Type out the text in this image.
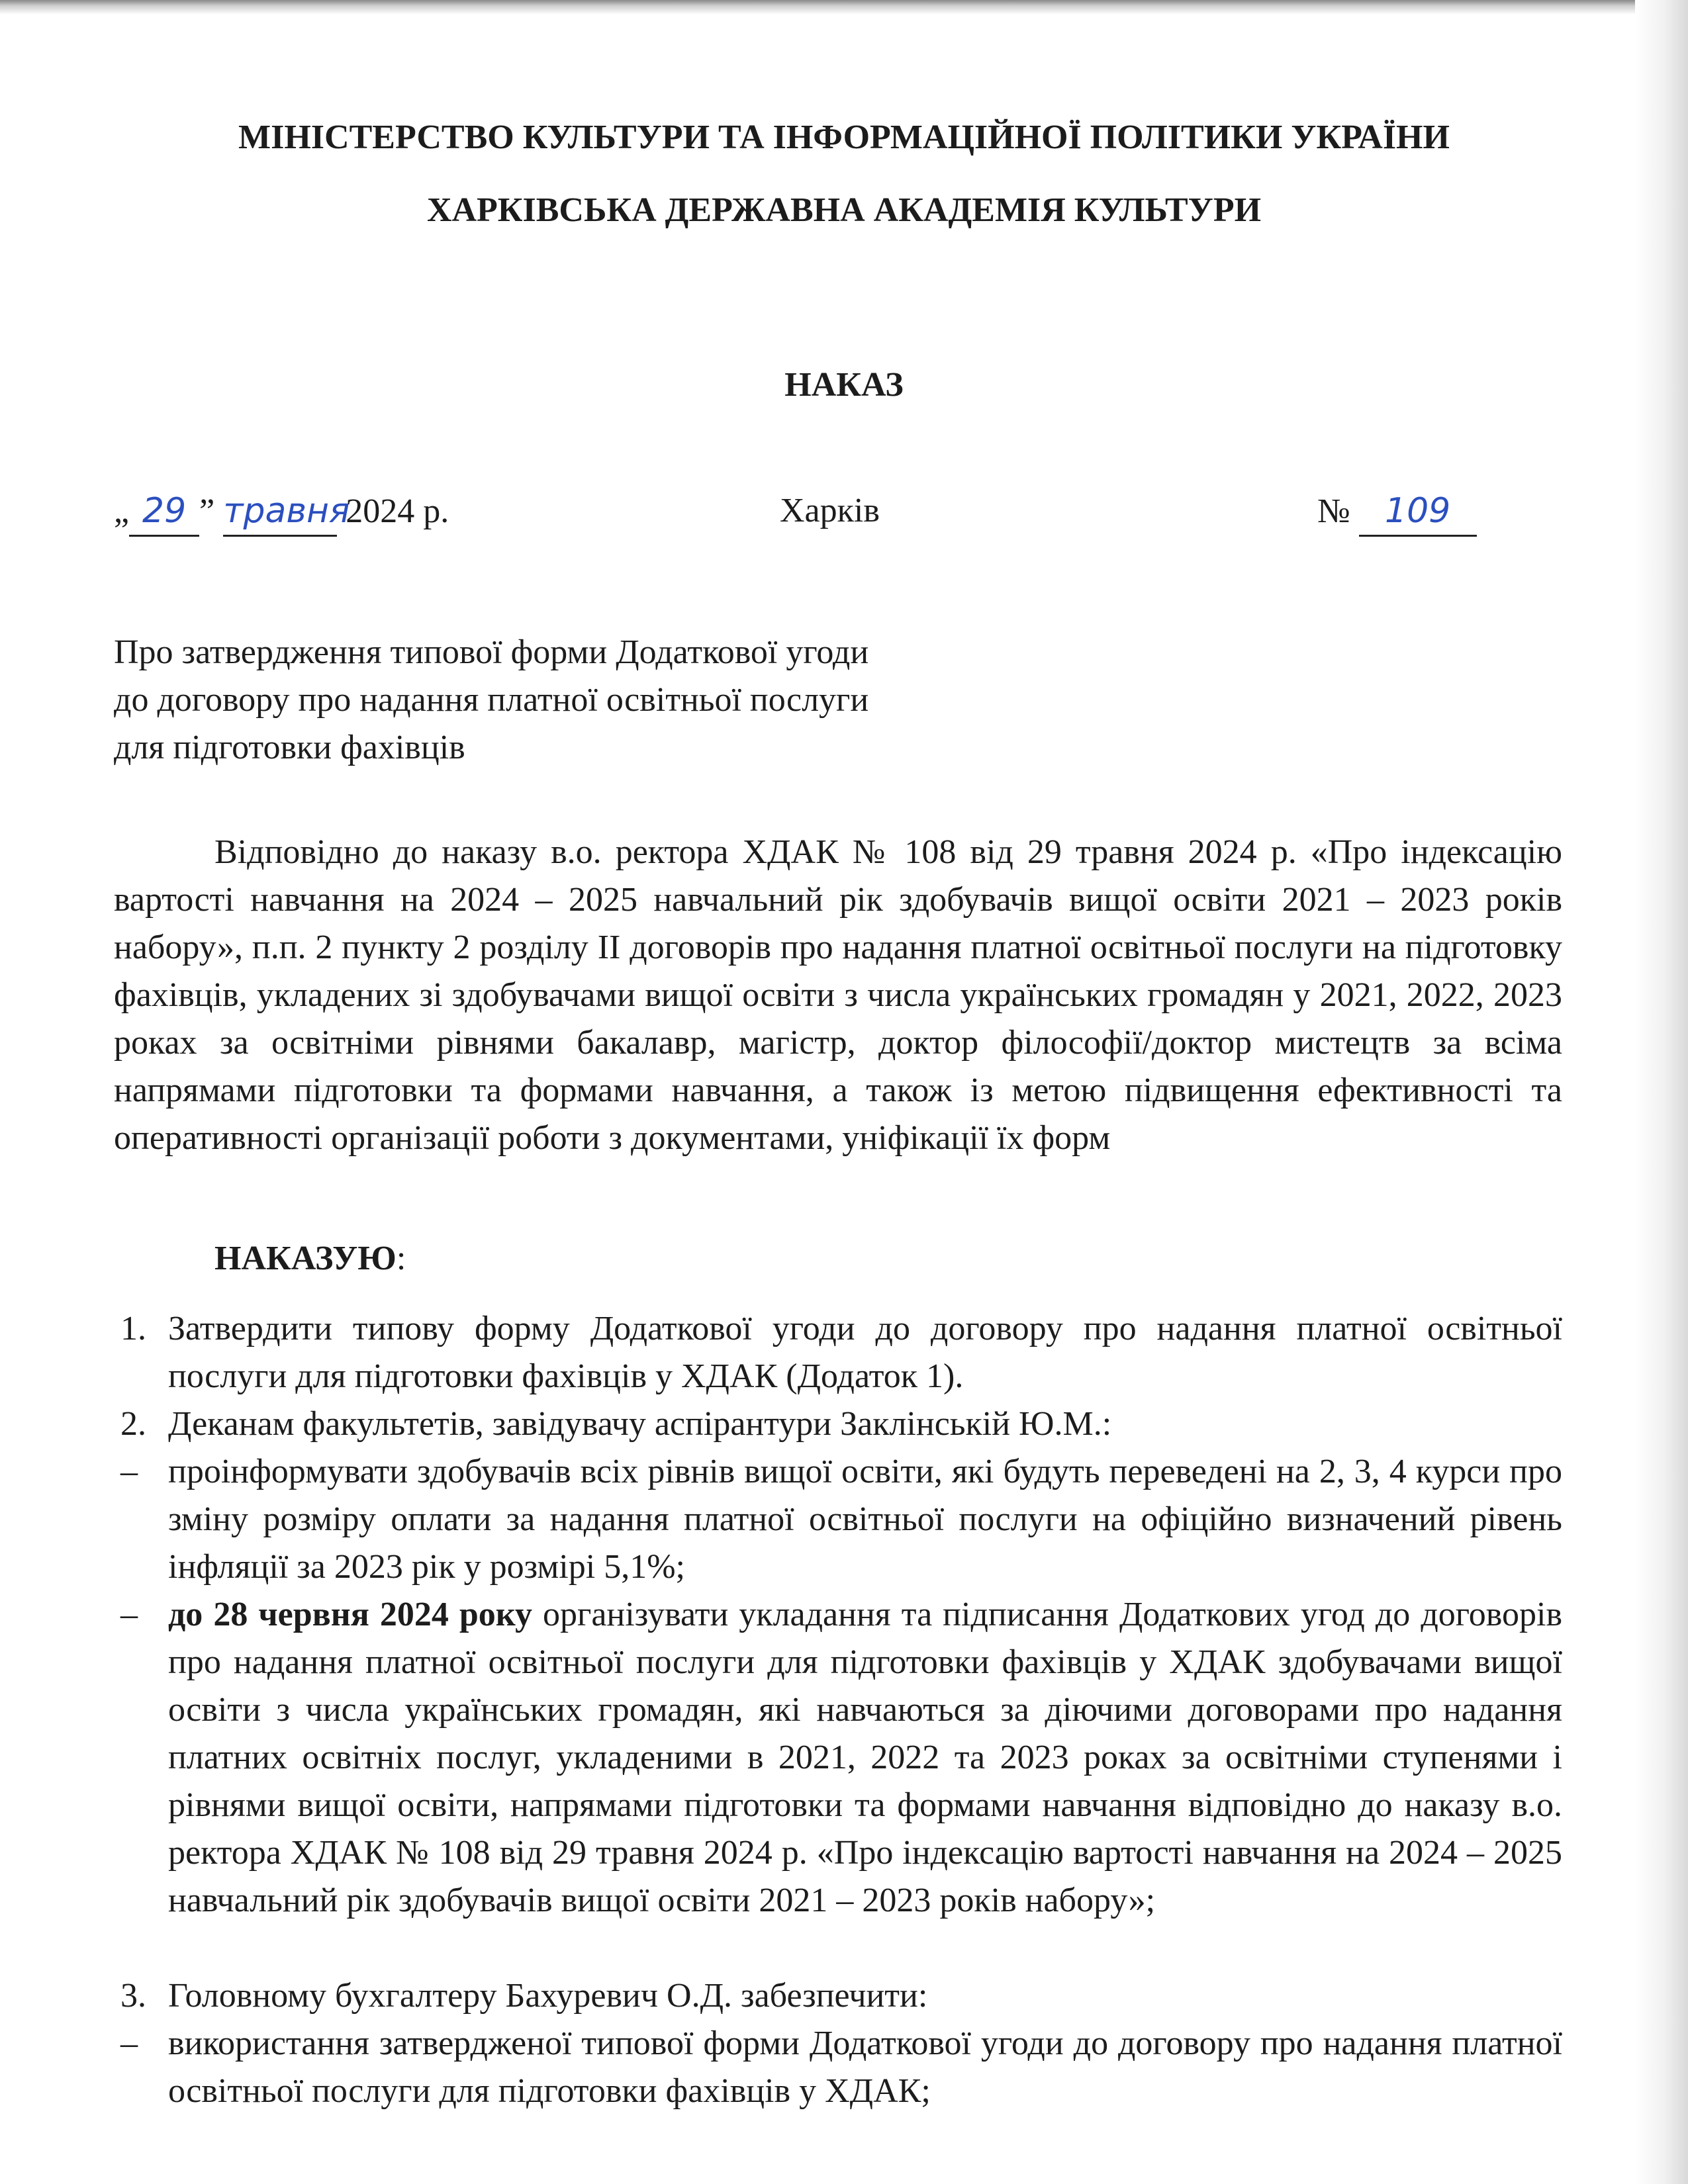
МІНІСТЕРСТВО КУЛЬТУРИ ТА ІНФОРМАЦІЙНОЇ ПОЛІТИКИ УКРАЇНИ
ХАРКІВСЬКА ДЕРЖАВНА АКАДЕМІЯ КУЛЬТУРИ
НАКАЗ
„ 29 ” травня 2024 р.	Харків	№ 109
Про затвердження типової форми Додаткової угоди
до договору про надання платної освітньої послуги
для підготовки фахівців
Відповідно до наказу в.о. ректора ХДАК № 108 від 29 травня 2024 р. «Про індексацію вартості навчання на 2024 – 2025 навчальний рік здобувачів вищої освіти 2021 – 2023 років набору», п.п. 2 пункту 2 розділу ІІ договорів про надання платної освітньої послуги на підготовку фахівців, укладених зі здобувачами вищої освіти з числа українських громадян у 2021, 2022, 2023 роках за освітніми рівнями бакалавр, магістр, доктор філософії/доктор мистецтв за всіма напрямами підготовки та формами навчання, а також із метою підвищення ефективності та оперативності організації роботи з документами, уніфікації їх форм
НАКАЗУЮ:
1. Затвердити типову форму Додаткової угоди до договору про надання платної освітньої послуги для підготовки фахівців у ХДАК (Додаток 1).
2. Деканам факультетів, завідувачу аспірантури Заклінській Ю.М.:
– проінформувати здобувачів всіх рівнів вищої освіти, які будуть переведені на 2, 3, 4 курси про зміну розміру оплати за надання платної освітньої послуги на офіційно визначений рівень інфляції за 2023 рік у розмірі 5,1%;
– до 28 червня 2024 року організувати укладання та підписання Додаткових угод до договорів про надання платної освітньої послуги для підготовки фахівців у ХДАК здобувачами вищої освіти з числа українських громадян, які навчаються за діючими договорами про надання платних освітніх послуг, укладеними в 2021, 2022 та 2023 роках за освітніми ступенями і рівнями вищої освіти, напрямами підготовки та формами навчання відповідно до наказу в.о. ректора ХДАК № 108 від 29 травня 2024 р. «Про індексацію вартості навчання на 2024 – 2025 навчальний рік здобувачів вищої освіти 2021 – 2023 років набору»;
3. Головному бухгалтеру Бахуревич О.Д. забезпечити:
– використання затвердженої типової форми Додаткової угоди до договору про надання платної освітньої послуги для підготовки фахівців у ХДАК;
